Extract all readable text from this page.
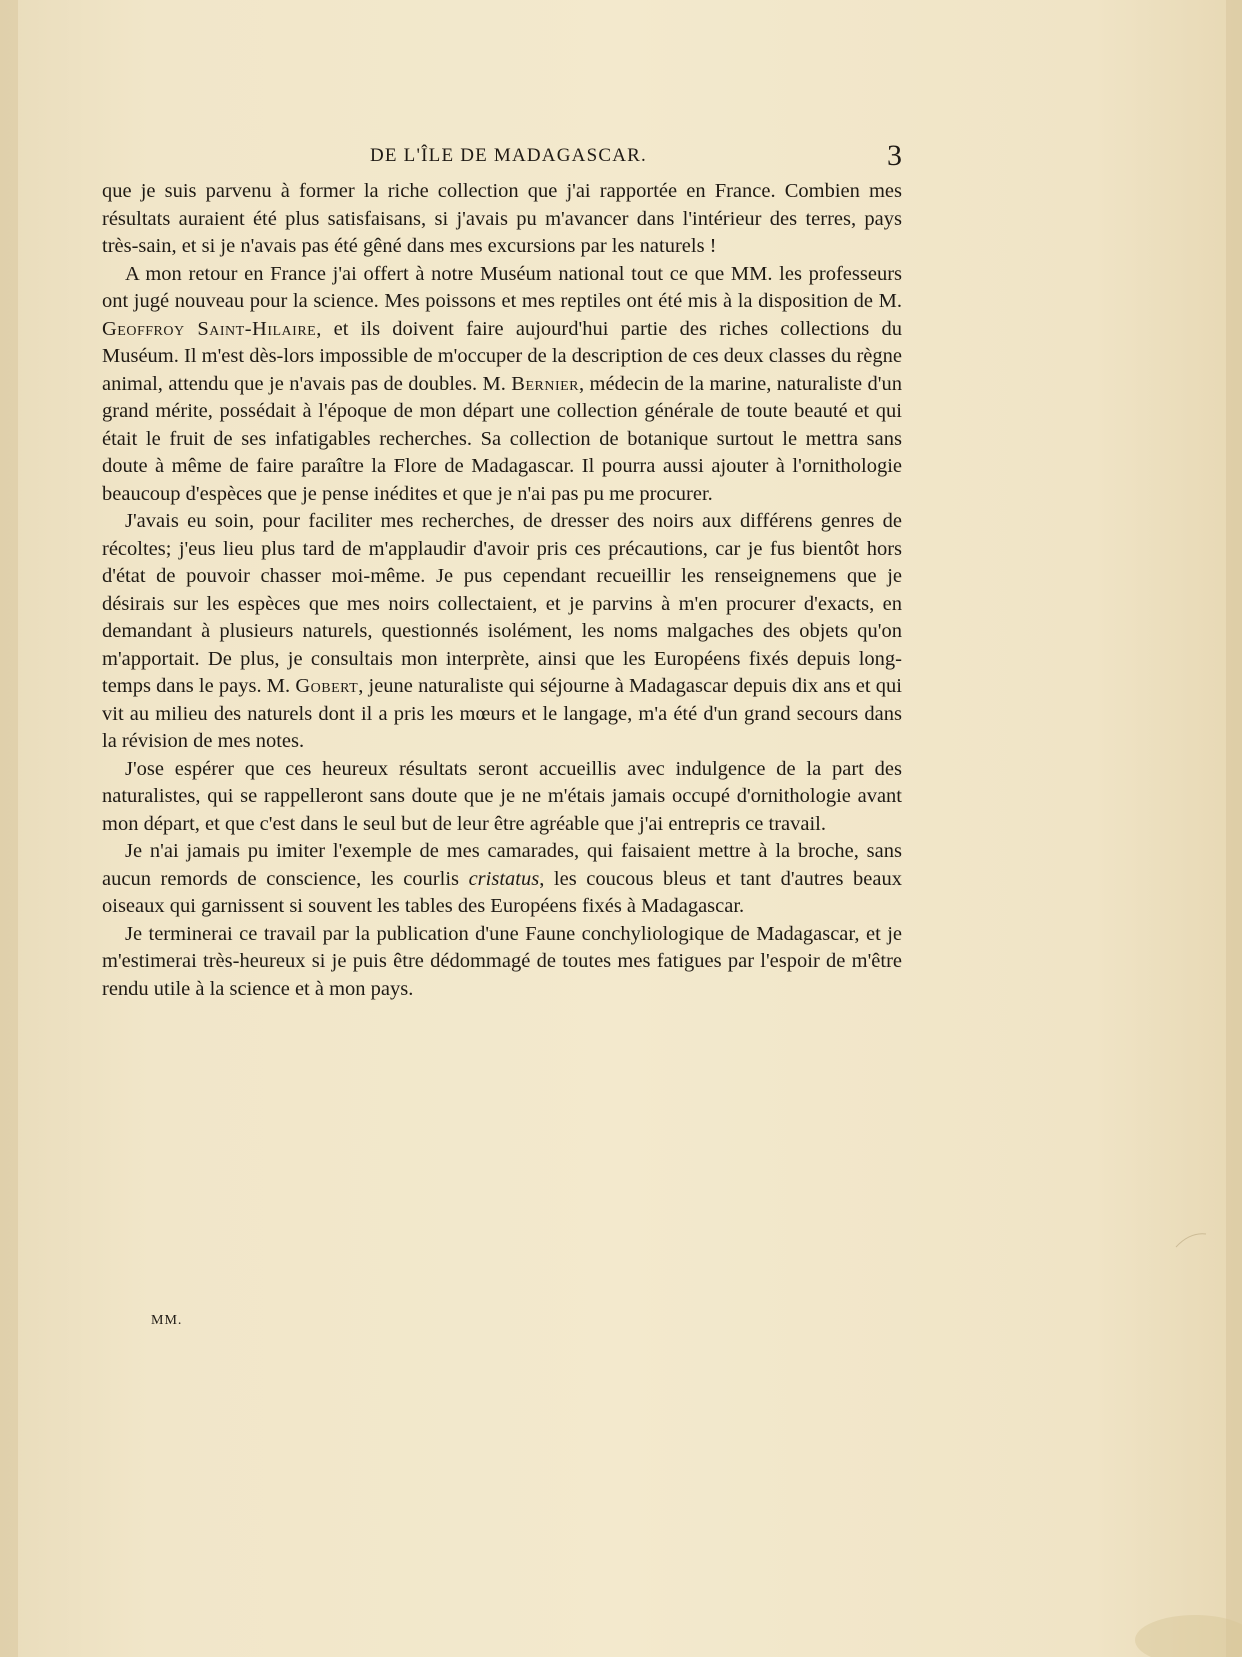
DE L'ÎLE DE MADAGASCAR.	3

que je suis parvenu à former la riche collection que j'ai rapportée en France. Combien mes résultats auraient été plus satisfaisans, si j'avais pu m'avancer dans l'intérieur des terres, pays très-sain, et si je n'avais pas été gêné dans mes excursions par les naturels !

A mon retour en France j'ai offert à notre Muséum national tout ce que MM. les professeurs ont jugé nouveau pour la science. Mes poissons et mes reptiles ont été mis à la disposition de M. Geoffroy Saint-Hilaire, et ils doivent faire aujourd'hui partie des riches collections du Muséum. Il m'est dès-lors impossible de m'occuper de la description de ces deux classes du règne animal, attendu que je n'avais pas de doubles. M. Bernier, médecin de la marine, naturaliste d'un grand mérite, possédait à l'époque de mon départ une collection générale de toute beauté et qui était le fruit de ses infatigables recherches. Sa collection de botanique surtout le mettra sans doute à même de faire paraître la Flore de Madagascar. Il pourra aussi ajouter à l'ornithologie beaucoup d'espèces que je pense inédites et que je n'ai pas pu me procurer.

J'avais eu soin, pour faciliter mes recherches, de dresser des noirs aux différens genres de récoltes; j'eus lieu plus tard de m'applaudir d'avoir pris ces précautions, car je fus bientôt hors d'état de pouvoir chasser moi-même. Je pus cependant recueillir les renseignemens que je désirais sur les espèces que mes noirs collectaient, et je parvins à m'en procurer d'exacts, en demandant à plusieurs naturels, questionnés isolément, les noms malgaches des objets qu'on m'apportait. De plus, je consultais mon interprète, ainsi que les Européens fixés depuis long-temps dans le pays. M. Gobert, jeune naturaliste qui séjourne à Madagascar depuis dix ans et qui vit au milieu des naturels dont il a pris les mœurs et le langage, m'a été d'un grand secours dans la révision de mes notes.

J'ose espérer que ces heureux résultats seront accueillis avec indulgence de la part des naturalistes, qui se rappelleront sans doute que je ne m'étais jamais occupé d'ornithologie avant mon départ, et que c'est dans le seul but de leur être agréable que j'ai entrepris ce travail.

Je n'ai jamais pu imiter l'exemple de mes camarades, qui faisaient mettre à la broche, sans aucun remords de conscience, les courlis cristatus, les coucous bleus et tant d'autres beaux oiseaux qui garnissent si souvent les tables des Européens fixés à Madagascar.

Je terminerai ce travail par la publication d'une Faune conchyliologique de Madagascar, et je m'estimerai très-heureux si je puis être dédommagé de toutes mes fatigues par l'espoir de m'être rendu utile à la science et à mon pays.

MM.
